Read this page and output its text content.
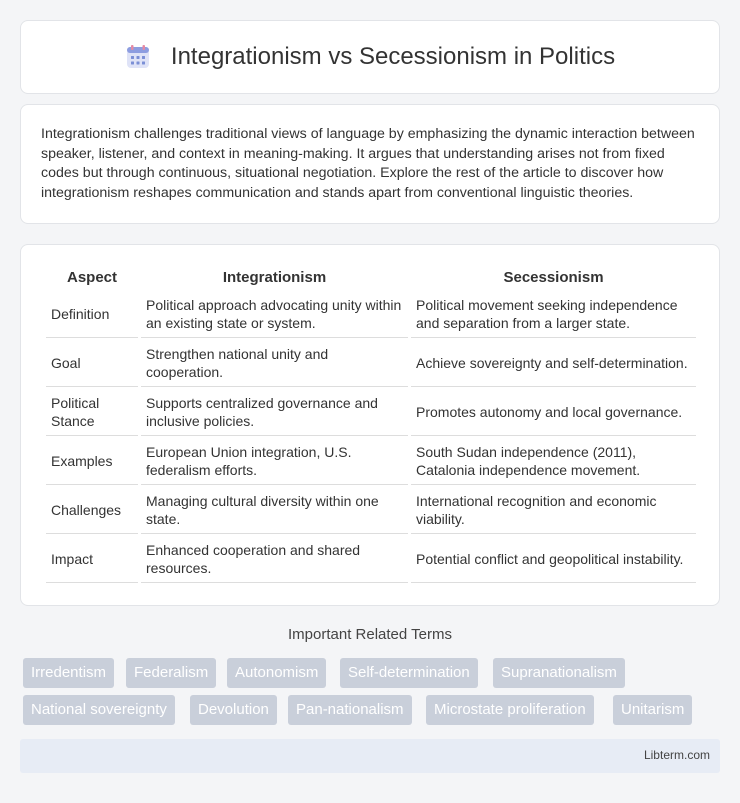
Integrationism vs Secessionism in Politics

Integrationism challenges traditional views of language by emphasizing the dynamic interaction between speaker, listener, and context in meaning-making. It argues that understanding arises not from fixed codes but through continuous, situational negotiation. Explore the rest of the article to discover how integrationism reshapes communication and stands apart from conventional linguistic theories.

Aspect	Integrationism	Secessionism
Definition	Political approach advocating unity within an existing state or system.	Political movement seeking independence and separation from a larger state.
Goal	Strengthen national unity and cooperation.	Achieve sovereignty and self-determination.
Political Stance	Supports centralized governance and inclusive policies.	Promotes autonomy and local governance.
Examples	European Union integration, U.S. federalism efforts.	South Sudan independence (2011), Catalonia independence movement.
Challenges	Managing cultural diversity within one state.	International recognition and economic viability.
Impact	Enhanced cooperation and shared resources.	Potential conflict and geopolitical instability.
Important Related Terms
Irredentism	Federalism	Autonomism	Self-determination	Supranationalism
National sovereignty	Devolution	Pan-nationalism	Microstate proliferation	Unitarism
Libterm.com
